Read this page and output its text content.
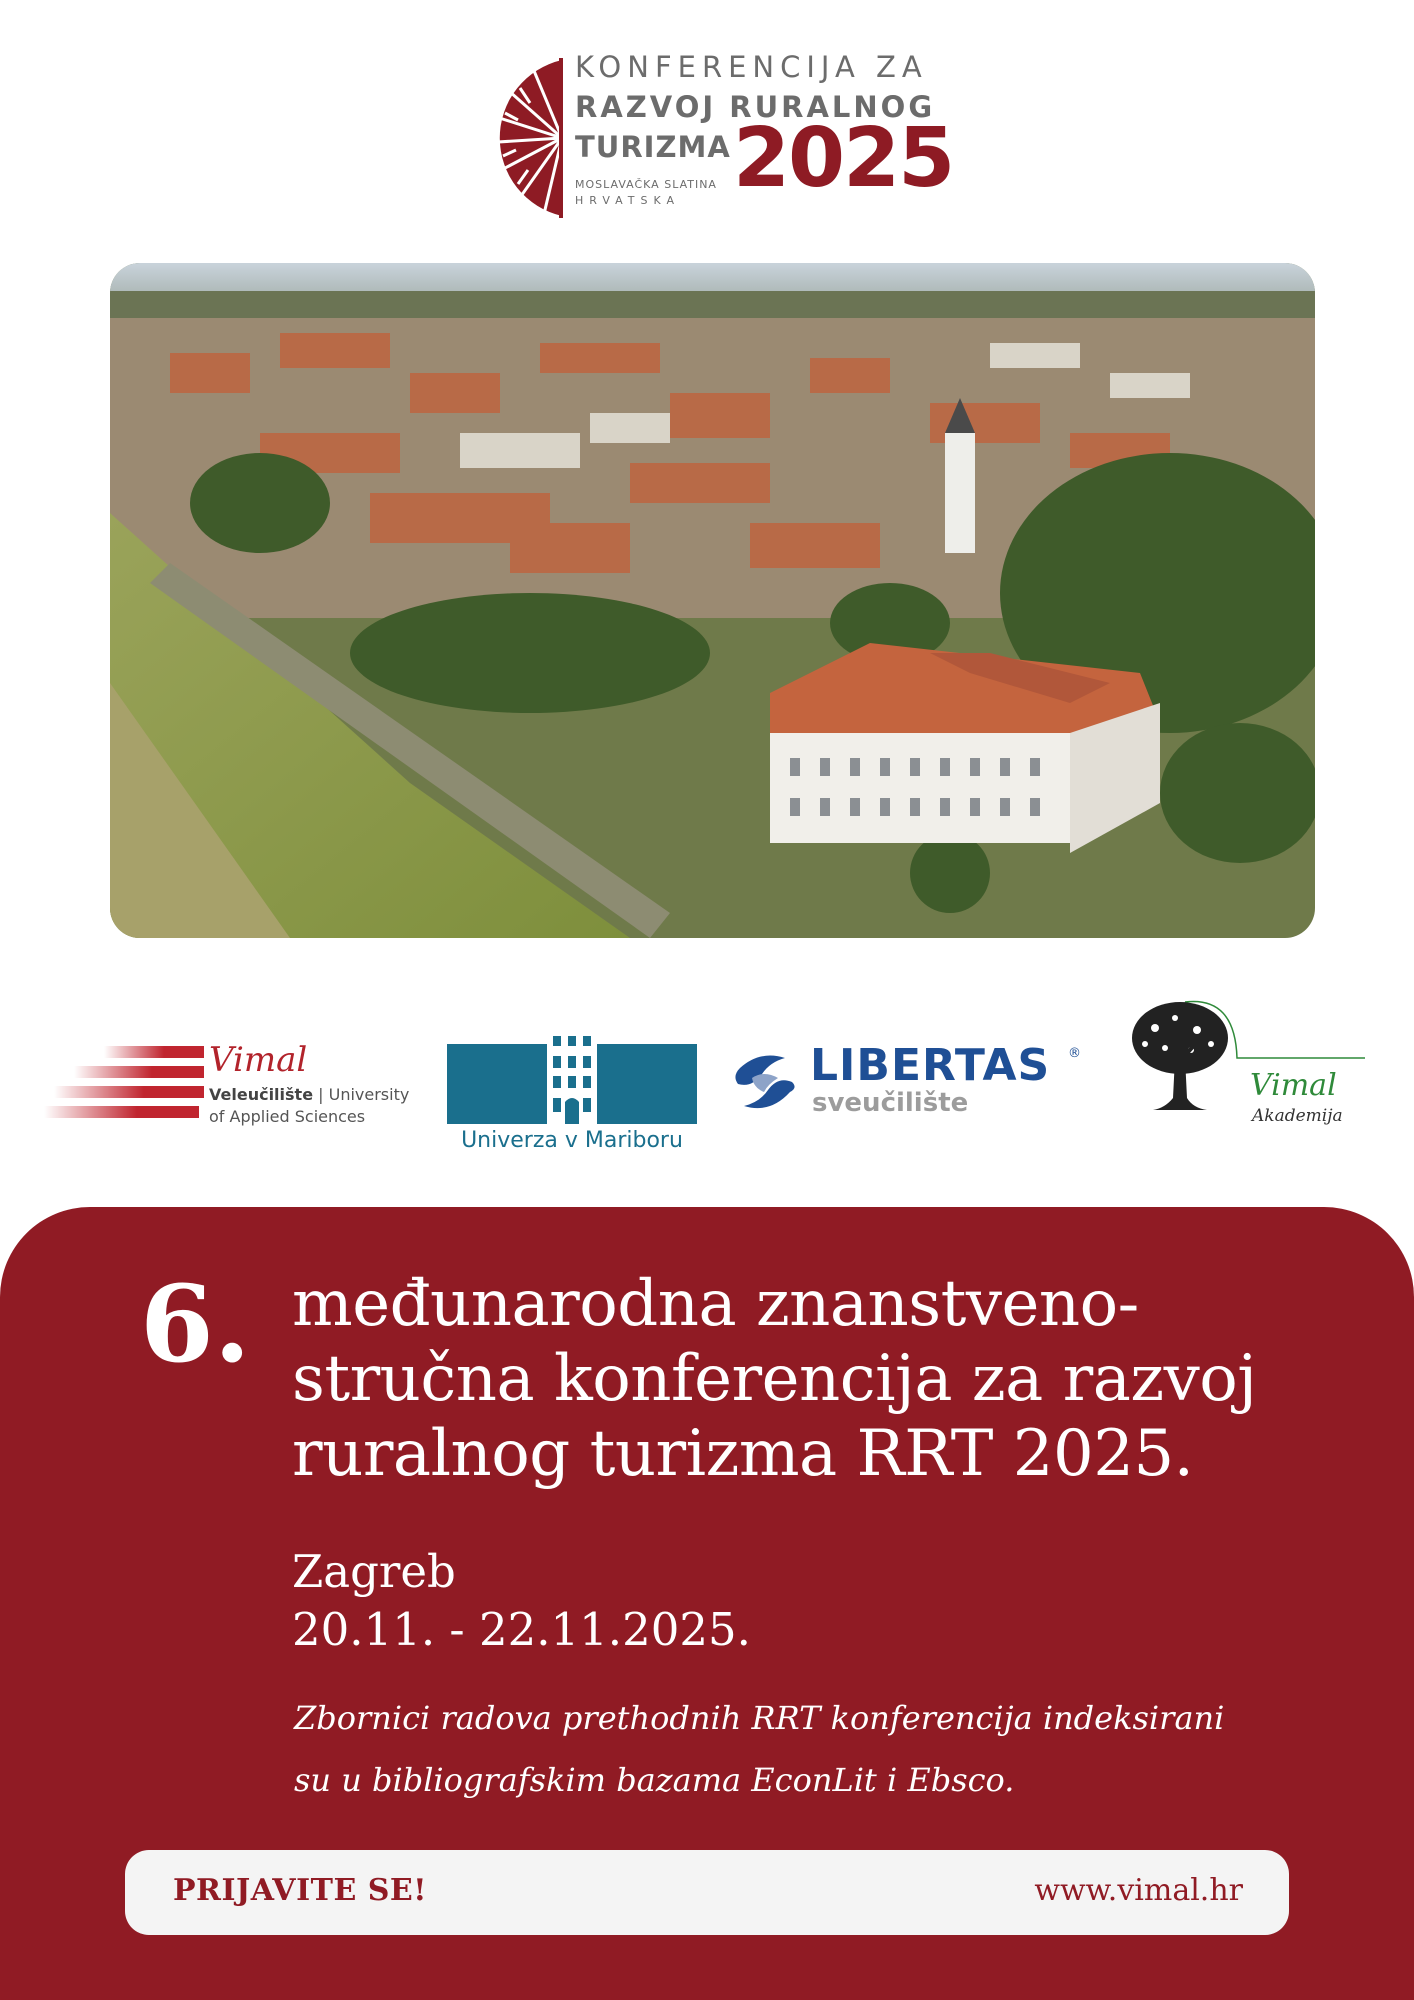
KONFERENCIJA ZA
RAZVOJ RURALNOG
TURIZMA 2025
MOSLAVAČKA SLATINA
HRVATSKA
Vimal
Veleučilište | University
of Applied Sciences
Univerza v Mariboru
LIBERTAS ®
sveučilište	Vimal
Akademija
6. međunarodna znanstveno-
stručna konferencija za razvoj
ruralnog turizma RRT 2025.
Zagreb
20.11. - 22.11.2025.
Zbornici radova prethodnih RRT konferencija indeksirani
su u bibliografskim bazama EconLit i Ebsco.
PRIJAVITE SE!	www.vimal.hr
